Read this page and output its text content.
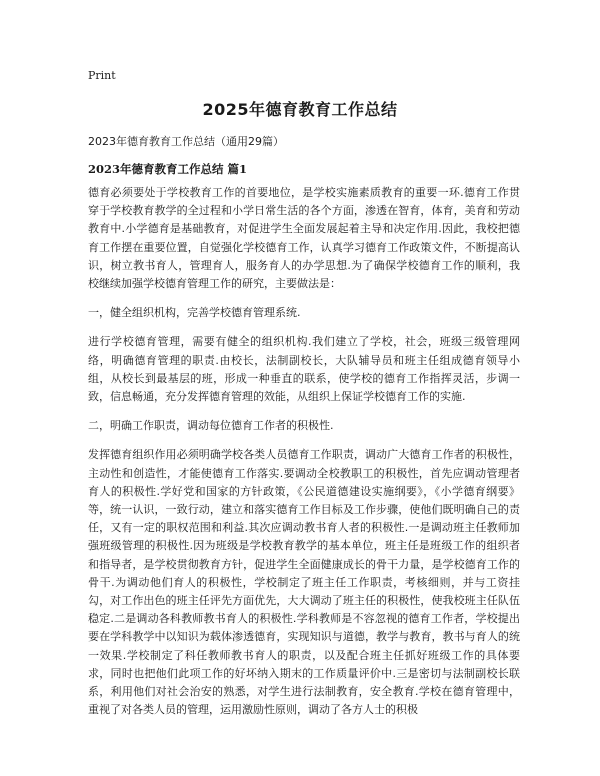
Print
2025年德育教育工作总结
2023年德育教育工作总结（通用29篇）
2023年德育教育工作总结 篇1

德育必须要处于学校教育工作的首要地位，是学校实施素质教育的重要一环.德育工作贯穿于学校教育教学的全过程和小学日常生活的各个方面，渗透在智育，体育，美育和劳动教育中.小学德育是基础教育，对促进学生全面发展起着主导和决定作用.因此，我校把德育工作摆在重要位置，自觉强化学校德育工作，认真学习德育工作政策文件，不断提高认识，树立教书育人，管理育人，服务育人的办学思想.为了确保学校德育工作的顺利，我校继续加强学校德育管理工作的研究，主要做法是：

一，健全组织机构，完善学校德育管理系统.

进行学校德育管理，需要有健全的组织机构.我们建立了学校，社会，班级三级管理网络，明确德育管理的职责.由校长，法制副校长，大队辅导员和班主任组成德育领导小组，从校长到最基层的班，形成一种垂直的联系，使学校的德育工作指挥灵活，步调一致，信息畅通，充分发挥德育管理的效能，从组织上保证学校德育工作的实施.

二，明确工作职责，调动每位德育工作者的积极性.

发挥德育组织作用必须明确学校各类人员德育工作职责，调动广大德育工作者的积极性，主动性和创造性，才能使德育工作落实.要调动全校教职工的积极性，首先应调动管理者育人的积极性.学好党和国家的方针政策，《公民道德建设实施纲要》，《小学德育纲要》等，统一认识，一致行动，建立和落实德育工作目标及工作步骤，使他们既明确自己的责任，又有一定的职权范围和利益.其次应调动教书育人者的积极性.一是调动班主任教师加强班级管理的积极性.因为班级是学校教育教学的基本单位，班主任是班级工作的组织者和指导者，是学校贯彻教育方针，促进学生全面健康成长的骨干力量，是学校德育工作的骨干.为调动他们育人的积极性，学校制定了班主任工作职责，考核细则，并与工资挂勾，对工作出色的班主任评先方面优先，大大调动了班主任的积极性，使我校班主任队伍稳定.二是调动各科教师教书育人的积极性.学科教师是不容忽视的德育工作者，学校提出要在学科教学中以知识为载体渗透德育，实现知识与道德，教学与教育，教书与育人的统一效果.学校制定了科任教师教书育人的职责，以及配合班主任抓好班级工作的具体要求，同时也把他们此项工作的好坏纳入期末的工作质量评价中.三是密切与法制副校长联系，利用他们对社会治安的熟悉，对学生进行法制教育，安全教育.学校在德育管理中，重视了对各类人员的管理，运用激励性原则，调动了各方人士的积极
